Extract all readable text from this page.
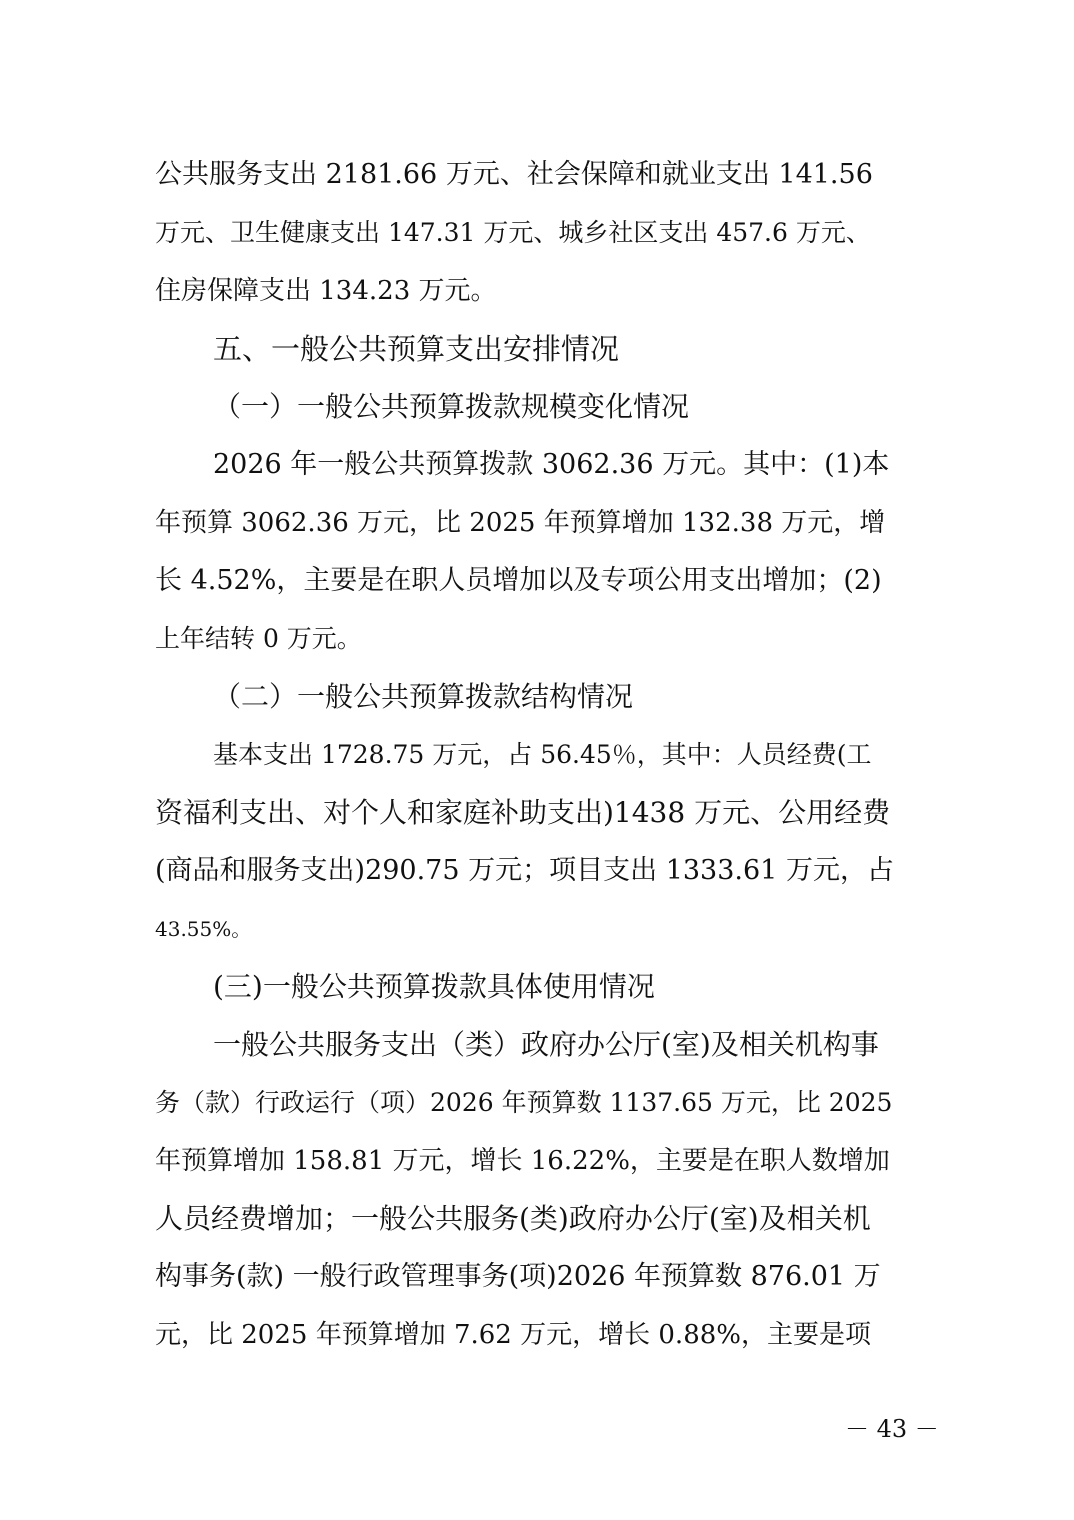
公共服务支出 2181.66 万元、社会保障和就业支出 141.56
万元、卫生健康支出 147.31 万元、城乡社区支出 457.6 万元、
住房保障支出 134.23 万元。
五、一般公共预算支出安排情况
（一）一般公共预算拨款规模变化情况
2026 年一般公共预算拨款 3062.36 万元。其中：(1)本
年预算 3062.36 万元，比 2025 年预算增加 132.38 万元，增
长 4.52%，主要是在职人员增加以及专项公用支出增加；(2)
上年结转 0 万元。
（二）一般公共预算拨款结构情况
基本支出 1728.75 万元，占 56.45％，其中：人员经费(工
资福利支出、对个人和家庭补助支出)1438 万元、公用经费
(商品和服务支出)290.75 万元；项目支出 1333.61 万元，占
43.55%。
(三)一般公共预算拨款具体使用情况
一般公共服务支出（类）政府办公厅(室)及相关机构事
务（款）行政运行（项）2026 年预算数 1137.65 万元，比 2025
年预算增加 158.81 万元，增长 16.22%，主要是在职人数增加
人员经费增加；一般公共服务(类)政府办公厅(室)及相关机
构事务(款) 一般行政管理事务(项)2026 年预算数 876.01 万
元，比 2025 年预算增加 7.62 万元，增长 0.88%，主要是项
－ 43 －
